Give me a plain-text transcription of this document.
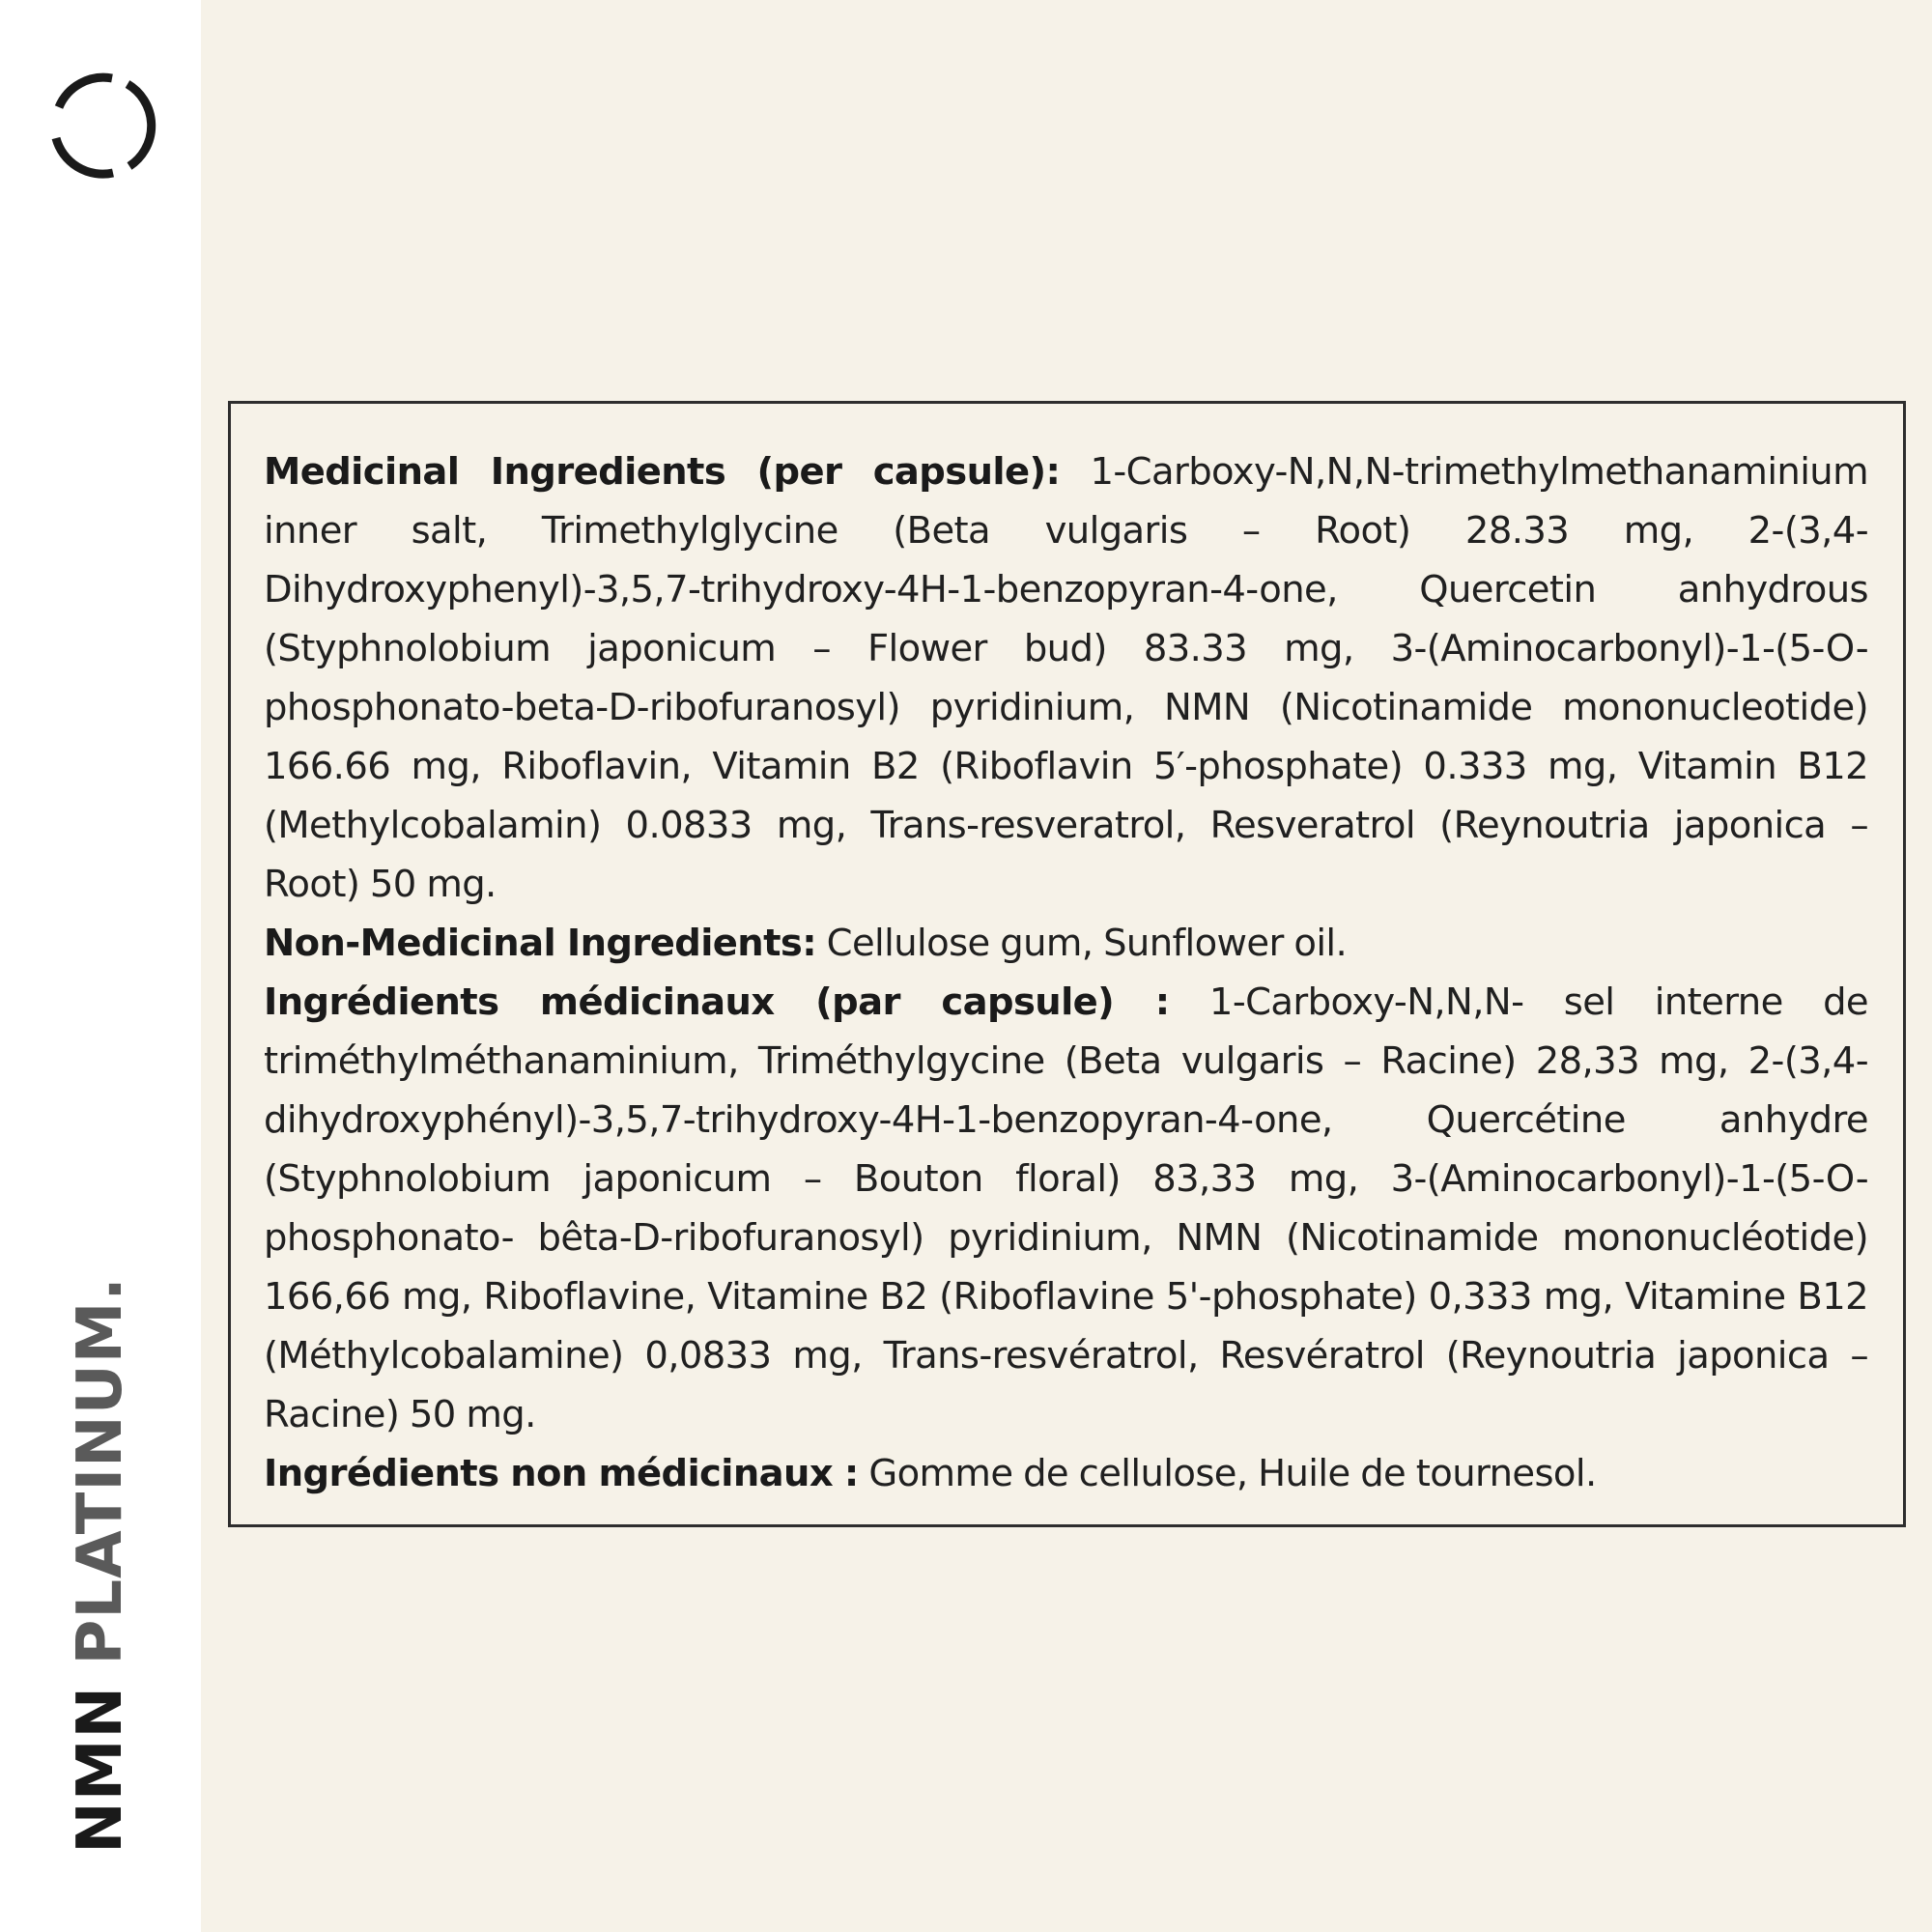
NMN PLATINUM.

Medicinal Ingredients (per capsule): 1-Carboxy-N,N,N-trimethylmethanaminium inner salt, Trimethylglycine (Beta vulgaris – Root) 28.33 mg, 2-(3,4-Dihydroxyphenyl)-3,5,7-trihydroxy-4H-1-benzopyran-4-one, Quercetin anhydrous (Styphnolobium japonicum – Flower bud) 83.33 mg, 3-(Aminocarbonyl)-1-(5-O-phosphonato-beta-D-ribofuranosyl) pyridinium, NMN (Nicotinamide mononucleotide) 166.66 mg, Riboflavin, Vitamin B2 (Riboflavin 5′-phosphate) 0.333 mg, Vitamin B12 (Methylcobalamin) 0.0833 mg, Trans-resveratrol, Resveratrol (Reynoutria japonica – Root) 50 mg.

Non-Medicinal Ingredients: Cellulose gum, Sunflower oil.

Ingrédients médicinaux (par capsule) : 1-Carboxy-N,N,N- sel interne de triméthylméthanaminium, Triméthylgycine (Beta vulgaris – Racine) 28,33 mg, 2-(3,4-dihydroxyphényl)-3,5,7-trihydroxy-4H-1-benzopyran-4-one, Quercétine anhydre (Styphnolobium japonicum – Bouton floral) 83,33 mg, 3-(Aminocarbonyl)-1-(5-O-phosphonato- bêta-D-ribofuranosyl) pyridinium, NMN (Nicotinamide mononucléotide) 166,66 mg, Riboflavine, Vitamine B2 (Riboflavine 5'-phosphate) 0,333 mg, Vitamine B12 (Méthylcobalamine) 0,0833 mg, Trans-resvératrol, Resvératrol (Reynoutria japonica – Racine) 50 mg.

Ingrédients non médicinaux : Gomme de cellulose, Huile de tournesol.
